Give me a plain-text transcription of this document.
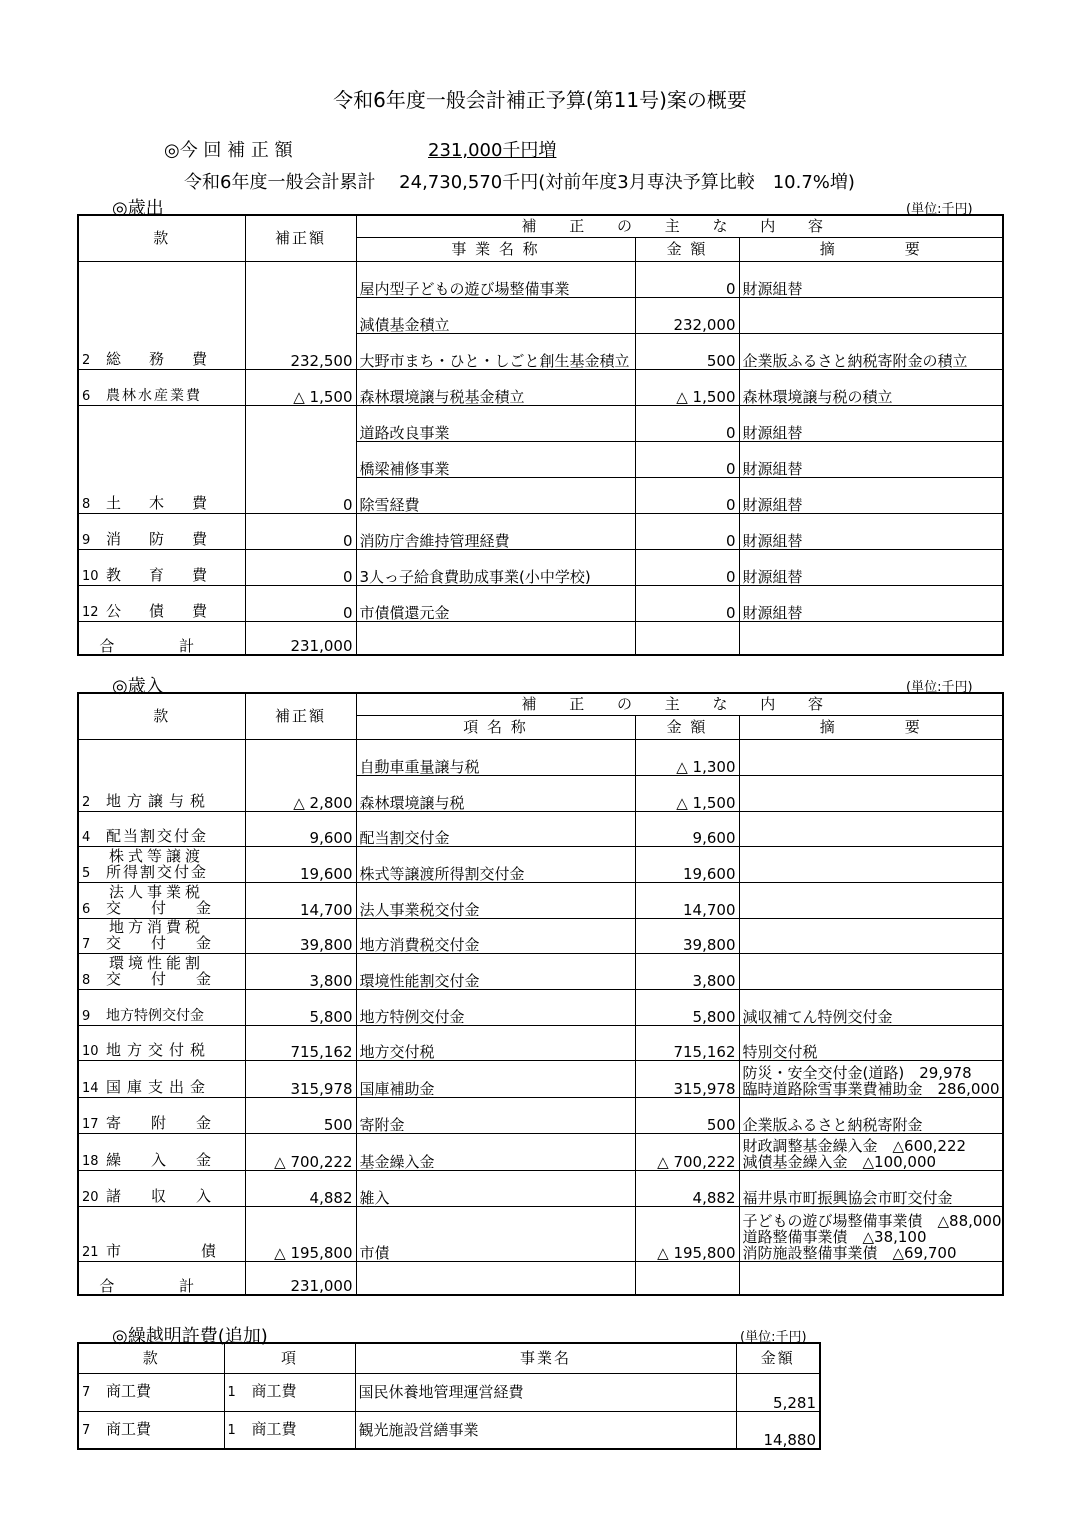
令和6年度一般会計補正予算(第11号)案の概要
◎今 回 補 正 額	231,000千円増
令和6年度一般会計累計　 24,730,570千円(対前年度3月専決予算比較　10.7%増)
◎歳出	(単位:千円)
款	補正額	補 正 の 主 な 内 容		
		事 業 名 称	金 額	摘　　　　要
2 総務費	232,500	屋内型子どもの遊び場整備事業	0	財源組替
		減債基金積立	232,000	
		大野市まち・ひと・しごと創生基金積立	500	企業版ふるさと納税寄附金の積立
6 農林水産業費	△ 1,500	森林環境譲与税基金積立	△ 1,500	森林環境譲与税の積立
8 土木費	0	道路改良事業	0	財源組替
		橋梁補修事業	0	財源組替
		除雪経費	0	財源組替
9 消防費	0	消防庁舎維持管理経費	0	財源組替
10 教育費	0	3人っ子給食費助成事業(小中学校)	0	財源組替
12 公債費	0	市債償還元金	0	財源組替
合 計	231,000			
◎歳入	(単位:千円)
款	補正額	補 正 の 主 な 内 容		
		項 名 称	金 額	摘　　　　要
2 地方譲与税	△ 2,800	自動車重量譲与税	△ 1,300	
		森林環境譲与税	△ 1,500	
4 配当割交付金	9,600	配当割交付金	9,600	

株式等譲渡
5 所得割交付金	19,600	株式等譲渡所得割交付金	19,600	

法人事業税
6 交付金	14,700	法人事業税交付金	14,700	

地方消費税
7 交付金	39,800	地方消費税交付金	39,800	

環境性能割
8 交付金	3,800	環境性能割交付金	3,800	
9 地方特例交付金	5,800	地方特例交付金	5,800	減収補てん特例交付金

10 地方交付税	715,162	地方交付税	715,162	特別交付税

14 国庫支出金	315,978	国庫補助金	315,978	防災・安全交付金(道路)　29,978
臨時道路除雪事業費補助金　286,000

17 寄附金	500	寄附金	500	企業版ふるさと納税寄附金

18 繰入金	△ 700,222	基金繰入金	△ 700,222	財政調整基金繰入金　△600,222
減債基金繰入金　△100,000

20 諸収入	4,882	雑入	4,882	福井県市町振興協会市町交付金

21 市債	△ 195,800	市債	△ 195,800	子どもの遊び場整備事業債　△88,000
道路整備事業債　△38,100
消防施設整備事業債　△69,700

合 計	231,000			
◎繰越明許費(追加)	(単位:千円)
款	項	事業名	金額
7 商工費	1 商工費	国民休養地管理運営経費	5,281
7 商工費	1 商工費	観光施設営繕事業	14,880
